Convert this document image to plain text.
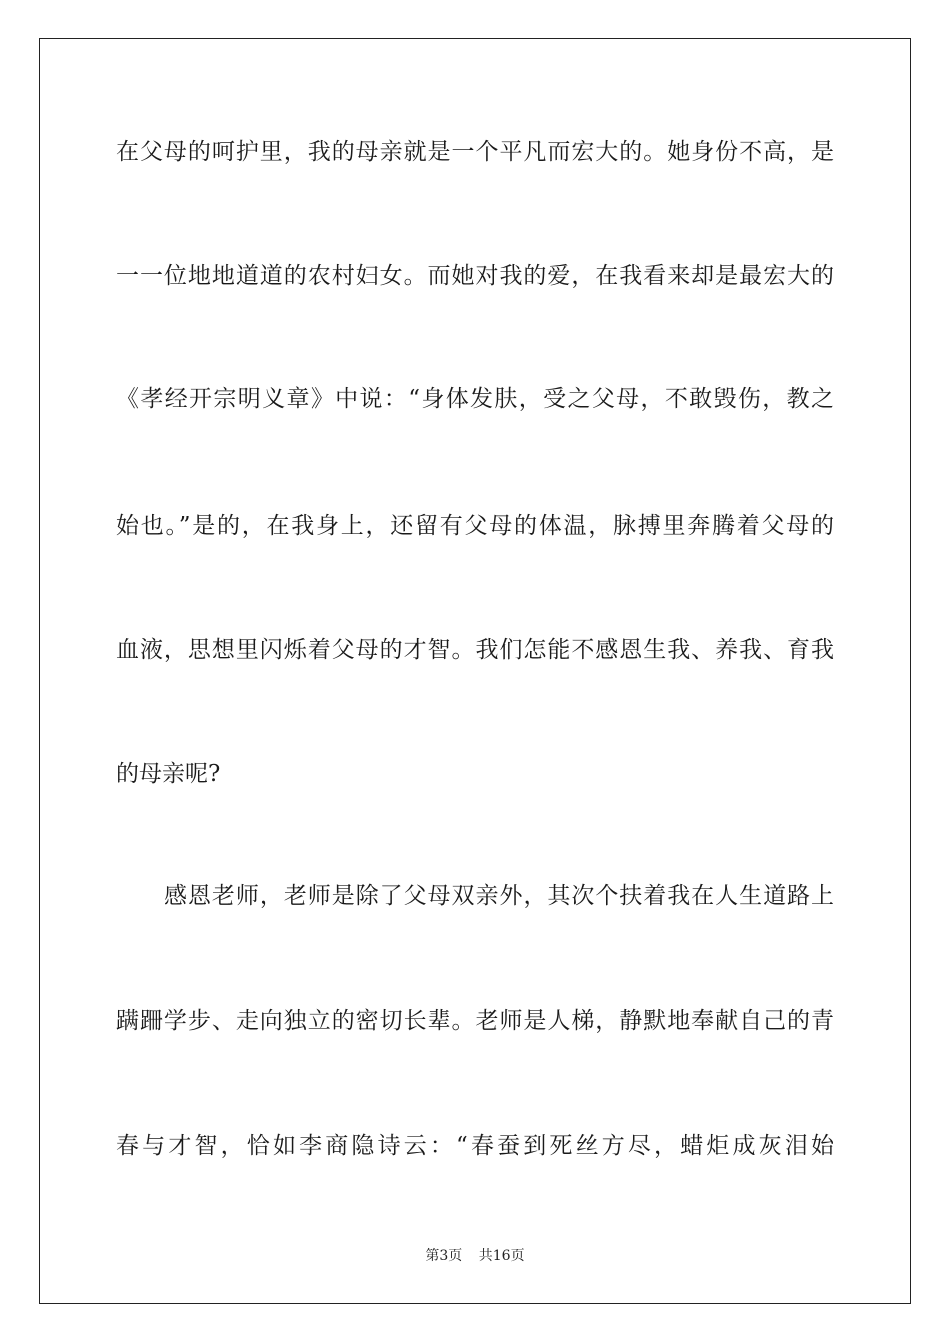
在父母的呵护里，我的母亲就是一个平凡而宏大的。她身份不高，是
一一位地地道道的农村妇女。而她对我的爱，在我看来却是最宏大的
《孝经开宗明义章》中说：“身体发肤，受之父母，不敢毁伤，教之
始也。”是的，在我身上，还留有父母的体温，脉搏里奔腾着父母的
血液，思想里闪烁着父母的才智。我们怎能不感恩生我、养我、育我
的母亲呢?
感恩老师，老师是除了父母双亲外，其次个扶着我在人生道路上
蹒跚学步、走向独立的密切长辈。老师是人梯，静默地奉献自己的青
春与才智，恰如李商隐诗云：“春蚕到死丝方尽，蜡炬成灰泪始
第3页 共16页
